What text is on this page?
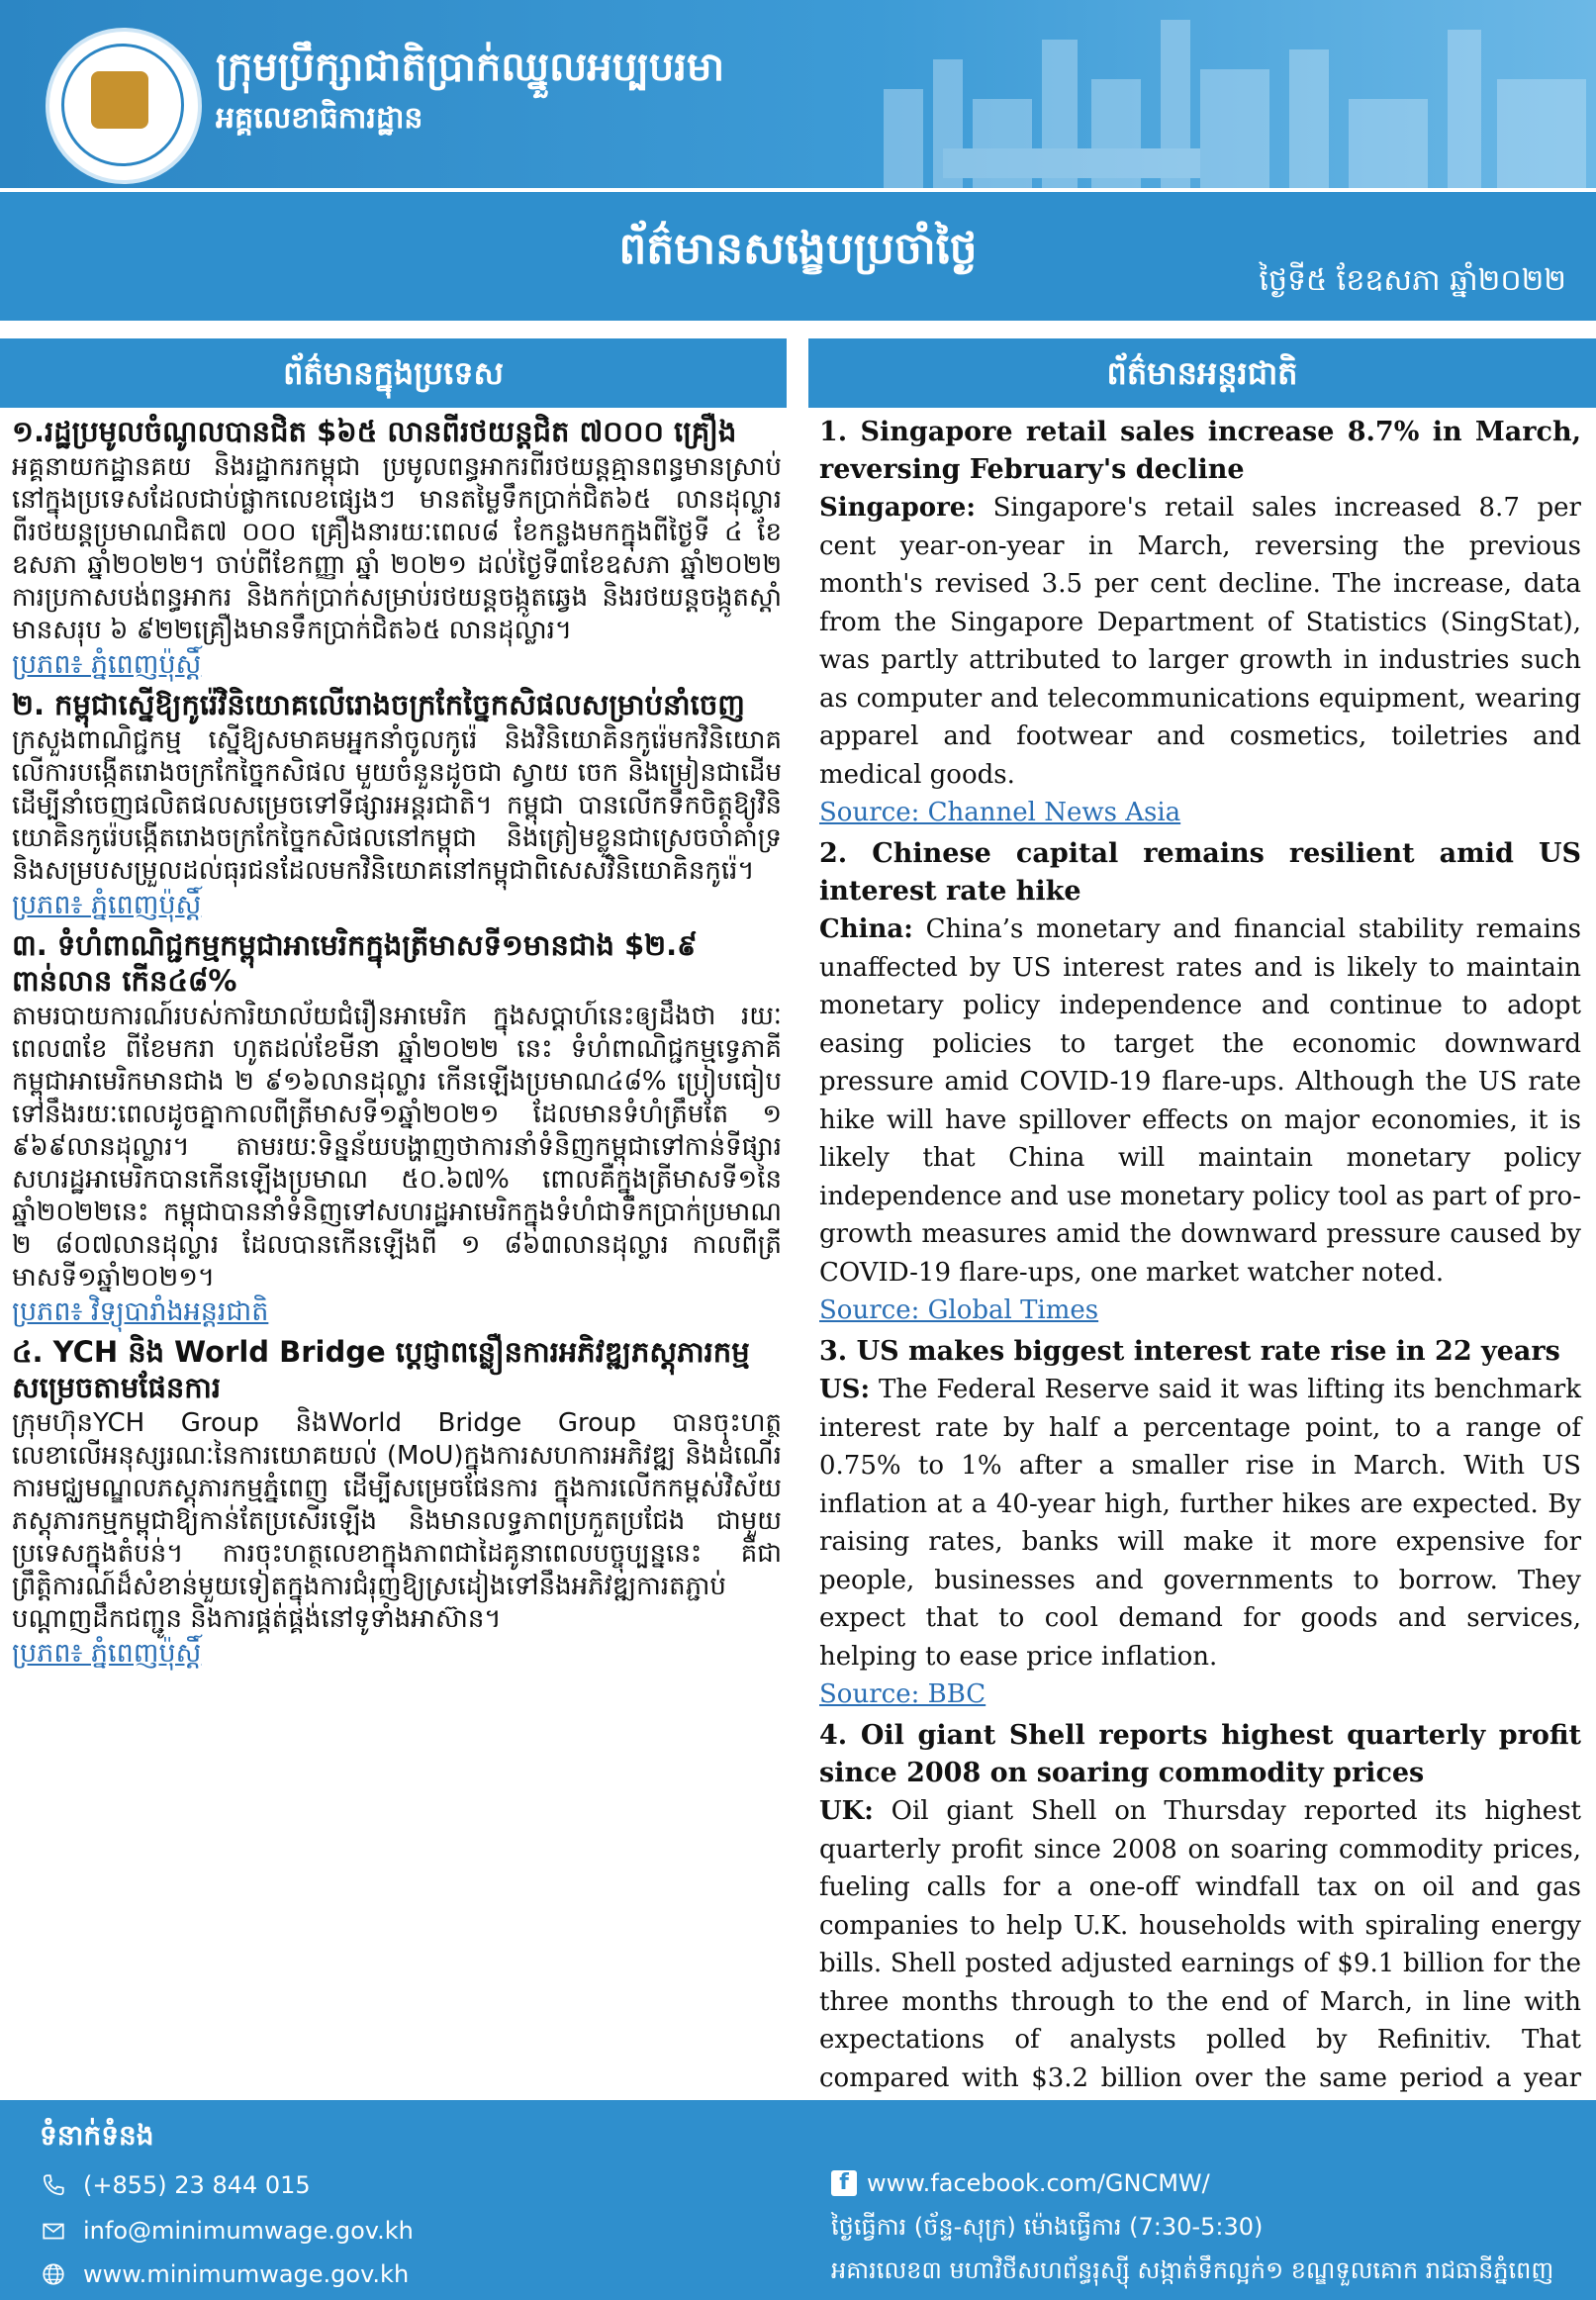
ក្រុមប្រឹក្សាជាតិប្រាក់ឈ្នួលអប្បបរមា
អគ្គលេខាធិការដ្ឋាន
ព័ត៌មានសង្ខេបប្រចាំថ្ងៃ
ថ្ងៃទី៥ ខែឧសភា ឆ្នាំ២០២២
ព័ត៌មានក្នុងប្រទេស	ព័ត៌មានអន្តរជាតិ

១.រដ្ឋប្រមូលចំណូលបានជិត $៦៥ លានពីរថយន្តជិត ៧០០០ គ្រឿង

អគ្គនាយកដ្ឋានគយ និងរដ្ឋាករកម្ពុជា ប្រមូលពន្ធអាករពីរថយន្តគ្មានពន្ធមានស្រាប់នៅក្នុងប្រទេសដែលជាប់ផ្លាកលេខផ្សេងៗ មានតម្លៃទឹកប្រាក់ជិត៦៥ លានដុល្លារ ពីរថយន្តប្រមាណជិត៧ ០០០ គ្រឿងនារយៈពេល៨ ខែកន្លងមកក្នុងពីថ្ងៃទី ៤ ខែឧសភា ឆ្នាំ២០២២។ ចាប់ពីខែកញ្ញា ឆ្នាំ ២០២១ ដល់ថ្ងៃទី៣ខែឧសភា ឆ្នាំ២០២២ ការប្រកាសបង់ពន្ធអាករ និងកក់ប្រាក់សម្រាប់រថយន្តចង្កូតឆ្វេង និងរថយន្តចង្កូតស្តាំ មានសរុប ៦ ៩២២គ្រឿងមានទឹកប្រាក់ជិត៦៥ លានដុល្លារ។

ប្រភព៖ ភ្នំពេញប៉ុស្តិ៍

២. កម្ពុជាស្នើឱ្យកូរ៉េវិនិយោគលើរោងចក្រកែច្នៃកសិផលសម្រាប់នាំចេញ

ក្រសួងពាណិជ្ជកម្ម ស្នើឱ្យសមាគមអ្នកនាំចូលកូរ៉េ និងវិនិយោគិនកូរ៉េមកវិនិយោគលើការបង្កើតរោងចក្រកែច្នៃកសិផល មួយចំនួនដូចជា ស្វាយ ចេក និងម្រៀនជាដើម ដើម្បីនាំចេញផលិតផលសម្រេចទៅទីផ្សារអន្តរជាតិ។ កម្ពុជា បានលើកទឹកចិត្តឱ្យវិនិយោគិនកូរ៉េបង្កើតរោងចក្រកែច្នៃកសិផលនៅកម្ពុជា និងត្រៀមខ្លួនជាស្រេចចាំគាំទ្រ និងសម្របសម្រួលដល់ធុរជនដែលមកវិនិយោគនៅកម្ពុជាពិសេសវិនិយោគិនកូរ៉េ។

ប្រភព៖ ភ្នំពេញប៉ុស្តិ៍

៣. ទំហំពាណិជ្ជកម្មកម្ពុជាអាមេរិកក្នុងត្រីមាសទី១មានជាង $២.៩ ពាន់លាន កើន៤៨%

តាមរបាយការណ៍របស់ការិយាល័យជំរឿនអាមេរិក ក្នុងសប្តាហ៍នេះឲ្យដឹងថា រយៈពេល៣ខែ ពីខែមករា ហូតដល់ខែមីនា ឆ្នាំ២០២២ នេះ ទំហំពាណិជ្ជកម្មទ្វេភាគីកម្ពុជាអាមេរិកមានជាង ២ ៩១៦លានដុល្លារ កើនឡើងប្រមាណ៤៨% ប្រៀបធៀបទៅនឹងរយៈពេលដូចគ្នាកាលពីត្រីមាសទី១ឆ្នាំ២០២១ ដែលមានទំហំត្រឹមតែ ១ ៩៦៩លានដុល្លារ។ តាមរយៈទិន្នន័យបង្ហាញថាការនាំទំនិញកម្ពុជាទៅកាន់ទីផ្សារសហរដ្ឋអាមេរិកបានកើនឡើងប្រមាណ ៥០.៦៧% ពោលគឺក្នុងត្រីមាសទី១នៃឆ្នាំ២០២២នេះ កម្ពុជាបាននាំទំនិញទៅសហរដ្ឋអាមេរិកក្នុងទំហំជាទឹកប្រាក់ប្រមាណ ២ ៨០៧លានដុល្លារ ដែលបានកើនឡើងពី ១ ៨៦៣លានដុល្លារ កាលពីត្រីមាសទី១ឆ្នាំ២០២១។

ប្រភព៖ វិទ្យុបារាំងអន្តរជាតិ

៤. YCH និង World Bridge ប្តេជ្ញាពន្លឿនការអភិវឌ្ឍភស្តុភារកម្មសម្រេចតាមផែនការ

ក្រុមហ៊ុនYCH Group និងWorld Bridge Group បានចុះហត្ថលេខាលើអនុស្សរណៈនៃការយោគយល់ (MoU)ក្នុងការសហការអភិវឌ្ឍ និងដំណើរការមជ្ឈមណ្ឌលភស្តុភារកម្មភ្នំពេញ ដើម្បីសម្រេចផែនការ ក្នុងការលើកកម្ពស់វិស័យភស្តុភារកម្មកម្ពុជាឱ្យកាន់តែប្រសើរឡើង និងមានលទ្ធភាពប្រកួតប្រជែង ជាមួយប្រទេសក្នុងតំបន់។ ការចុះហត្ថលេខាក្នុងភាពជាដៃគូនាពេលបច្ចុប្បន្ននេះ គឺជាព្រឹត្តិការណ៍ដ៏សំខាន់មួយទៀតក្នុងការជំរុញឱ្យស្រដៀងទៅនឹងអភិវឌ្ឍការតភ្ជាប់បណ្តាញដឹកជញ្ជូន និងការផ្គត់ផ្គង់នៅទូទាំងអាស៊ាន។

ប្រភព៖ ភ្នំពេញប៉ុស្តិ៍

1. Singapore retail sales increase 8.7% in March, reversing February's decline

Singapore: Singapore's retail sales increased 8.7 per cent year-on-year in March, reversing the previous month's revised 3.5 per cent decline. The increase, data from the Singapore Department of Statistics (SingStat), was partly attributed to larger growth in industries such as computer and telecommunications equipment, wearing apparel and footwear and cosmetics, toiletries and medical goods.

Source: Channel News Asia

2. Chinese capital remains resilient amid US interest rate hike

China: China’s monetary and financial stability remains unaffected by US interest rates and is likely to maintain monetary policy independence and continue to adopt easing policies to target the economic downward pressure amid COVID-19 flare-ups. Although the US rate hike will have spillover effects on major economies, it is likely that China will maintain monetary policy independence and use monetary policy tool as part of pro-growth measures amid the downward pressure caused by COVID-19 flare-ups, one market watcher noted.

Source: Global Times

3. US makes biggest interest rate rise in 22 years

US: The Federal Reserve said it was lifting its benchmark interest rate by half a percentage point, to a range of 0.75% to 1% after a smaller rise in March. With US inflation at a 40-year high, further hikes are expected. By raising rates, banks will make it more expensive for people, businesses and governments to borrow. They expect that to cool demand for goods and services, helping to ease price inflation.

Source: BBC

4. Oil giant Shell reports highest quarterly profit since 2008 on soaring commodity prices

UK: Oil giant Shell on Thursday reported its highest quarterly profit since 2008 on soaring commodity prices, fueling calls for a one-off windfall tax on oil and gas companies to help U.K. households with spiraling energy bills. Shell posted adjusted earnings of $9.1 billion for the three months through to the end of March, in line with expectations of analysts polled by Refinitiv. That compared with $3.2 billion over the same period a year

ទំនាក់ទំនង
(+855) 23 844 015
info@minimumwage.gov.kh
www.minimumwage.gov.kh
f www.facebook.com/GNCMW/
ថ្ងៃធ្វើការ (ច័ន្ទ-សុក្រ) ម៉ោងធ្វើការ (7:30-5:30)
អគារលេខ៣ មហាវិថីសហព័ន្ធរុស្ស៊ី សង្កាត់ទឹកល្អក់១ ខណ្ឌទួលគោក រាជធានីភ្នំពេញ
